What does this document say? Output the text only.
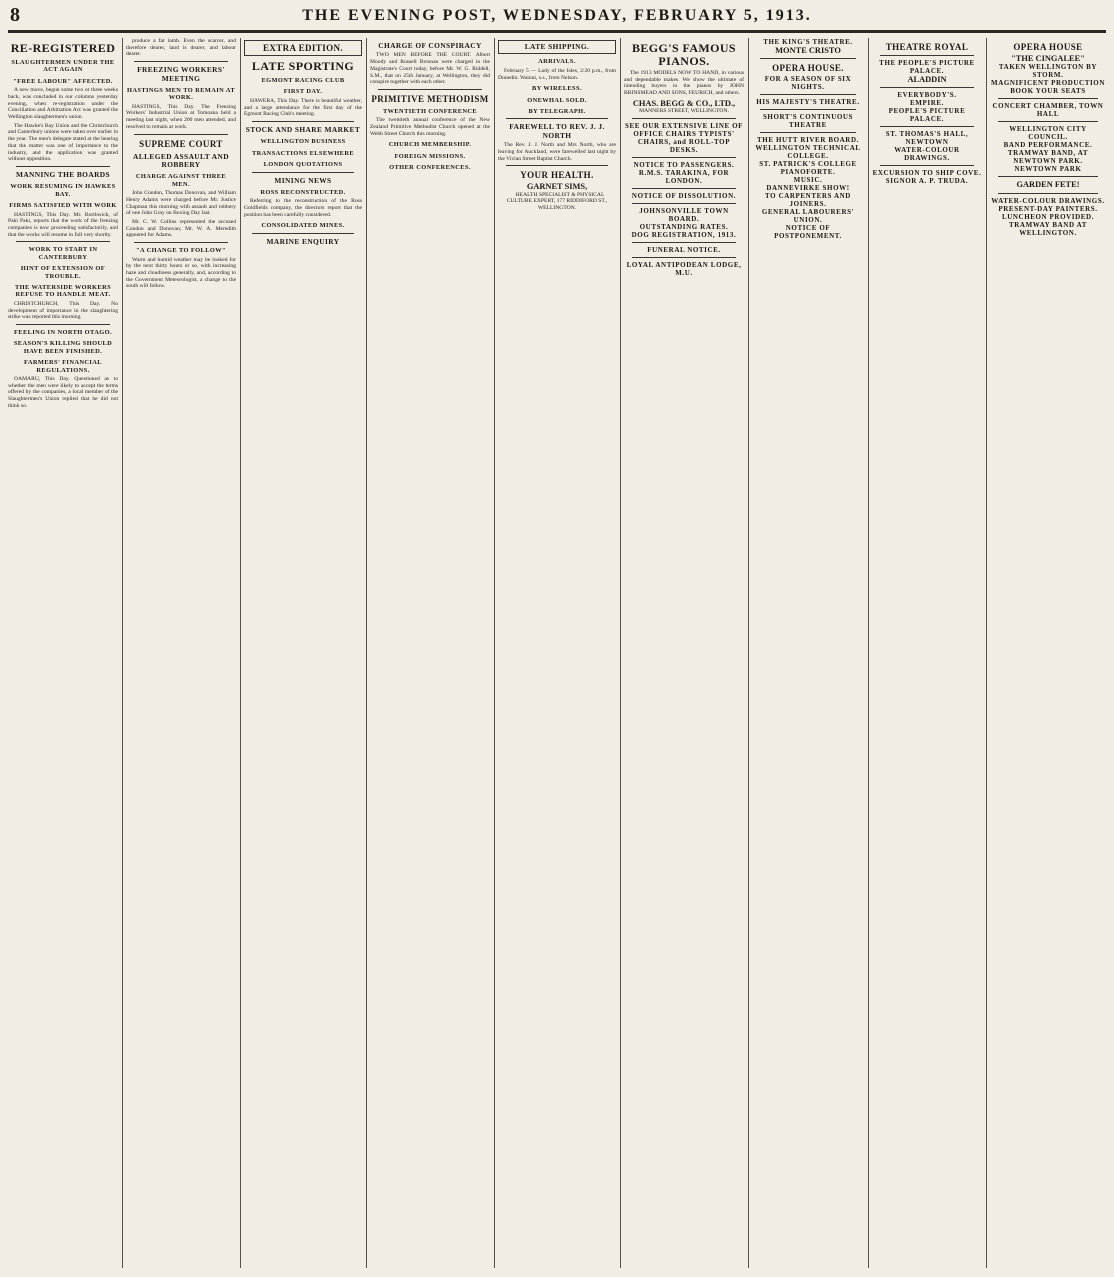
8	THE EVENING POST, WEDNESDAY, FEBRUARY 5, 1913.
RE-REGISTERED
SLAUGHTERMEN UNDER THE ACT AGAIN
"FREE LABOUR" AFFECTED.

A new move, begun some two or three weeks back, was concluded in our columns yesterday evening, when re-registration under the Conciliation and Arbitration Act was granted the Wellington slaughtermen's union.

The Hawke's Bay Union and the Christchurch and Canterbury unions were taken over earlier in the year. The men's delegate stated at the hearing that the matter was one of importance to the industry, and the application was granted without opposition.

MANNING THE BOARDS
WORK RESUMING IN HAWKES BAY.
FIRMS SATISFIED WITH WORK

HASTINGS, This Day. Mr. Borthwick, of Paki Paki, reports that the work of the freezing companies is now proceeding satisfactorily, and that the works will resume in full very shortly.

WORK TO START IN CANTERBURY
HINT OF EXTENSION OF TROUBLE.
THE WATERSIDE WORKERS REFUSE TO HANDLE MEAT.

CHRISTCHURCH, This Day. No development of importance in the slaughtering strike was reported this morning.

FEELING IN NORTH OTAGO.
SEASON'S KILLING SHOULD HAVE BEEN FINISHED.
FARMERS' FINANCIAL REGULATIONS.

OAMARU, This Day. Questioned as to whether the men were likely to accept the terms offered by the companies, a local member of the Slaughtermen's Union replied that he did not think so.

produce a fat lamb. Even the scarcer, and therefore dearer, land is dearer, and labour dearer.

FREEZING WORKERS' MEETING
HASTINGS MEN TO REMAIN AT WORK.

HASTINGS, This Day. The Freezing Workers' Industrial Union at Tomoana held a meeting last night, when 200 men attended, and resolved to remain at work.

SUPREME COURT
ALLEGED ASSAULT AND ROBBERY
CHARGE AGAINST THREE MEN.

John Condon, Thomas Donovan, and William Henry Adams were charged before Mr. Justice Chapman this morning with assault and robbery of one John Gray on Boxing Day last.

Mr. C. W. Collins represented the accused Condon and Donovan; Mr. W. A. Meredith appeared for Adams.

"A CHANGE TO FOLLOW"

Warm and humid weather may be looked for by the next thirty hours or so, with increasing haze and cloudiness generally, and, according to the Government Meteorologist, a change to the south will follow.

EXTRA EDITION.
LATE SPORTING
EGMONT RACING CLUB
FIRST DAY.

HAWERA, This Day. There is beautiful weather, and a large attendance for the first day of the Egmont Racing Club's meeting.

STOCK AND SHARE MARKET
WELLINGTON BUSINESS
TRANSACTIONS ELSEWHERE
LONDON QUOTATIONS
MINING NEWS
ROSS RECONSTRUCTED.

Referring to the reconstruction of the Ross Goldfields company, the directors report that the position has been carefully considered.

CONSOLIDATED MINES.
MARINE ENQUIRY
CHARGE OF CONSPIRACY

TWO MEN BEFORE THE COURT. Albert Moody and Russell Brosnan were charged in the Magistrate's Court today, before Mr. W. G. Riddell, S.M., that on 25th January, at Wellington, they did conspire together with each other.

PRIMITIVE METHODISM
TWENTIETH CONFERENCE

The twentieth annual conference of the New Zealand Primitive Methodist Church opened at the Webb Street Church this morning.

CHURCH MEMBERSHIP.
FOREIGN MISSIONS.
OTHER CONFERENCES.
LATE SHIPPING.
ARRIVALS.

February 5 — Lady of the Isles, 2:20 p.m., from Dunedin. Wainui, s.s., from Nelson.

BY WIRELESS.
ONEWHAL SOLD.
BY TELEGRAPH.
FAREWELL TO REV. J. J. NORTH

The Rev. J. J. North and Mrs North, who are leaving for Auckland, were farewelled last night by the Vivian Street Baptist Church.

YOUR HEALTH.
GARNET SIMS,

HEALTH SPECIALIST & PHYSICAL CULTURE EXPERT, 177 RIDDIFORD ST., WELLINGTON.

BEGG'S FAMOUS PIANOS.

The 1913 MODELS NOW TO HAND, in various and dependable makes. We show the ultimate of intending buyers in the pianos by JOHN BRINSMEAD AND SONS, FEURICH, and others.

CHAS. BEGG & CO., LTD.,
MANNERS STREET, WELLINGTON.
SEE OUR EXTENSIVE LINE OF OFFICE CHAIRS TYPISTS' CHAIRS, and ROLL-TOP DESKS.
NOTICE TO PASSENGERS.
R.M.S. TARAKINA, FOR LONDON.
NOTICE OF DISSOLUTION.
JOHNSONVILLE TOWN BOARD.
OUTSTANDING RATES.
DOG REGISTRATION, 1913.
FUNERAL NOTICE.
LOYAL ANTIPODEAN LODGE, M.U.
THE KING'S THEATRE.
MONTE CRISTO
OPERA HOUSE.
FOR A SEASON OF SIX NIGHTS.
HIS MAJESTY'S THEATRE.
SHORT'S CONTINUOUS THEATRE
THE HUTT RIVER BOARD.
WELLINGTON TECHNICAL COLLEGE.
ST. PATRICK'S COLLEGE
PIANOFORTE.
MUSIC.
DANNEVIRKE SHOW!
TO CARPENTERS AND JOINERS.
GENERAL LABOURERS' UNION.
NOTICE OF POSTPONEMENT.
THEATRE ROYAL
THE PEOPLE'S PICTURE PALACE.
ALADDIN
EVERYBODY'S.
EMPIRE.
PEOPLE'S PICTURE PALACE.
ST. THOMAS'S HALL, NEWTOWN
WATER-COLOUR DRAWINGS.
EXCURSION TO SHIP COVE.
SIGNOR A. P. TRUDA.
OPERA HOUSE
"THE CINGALEE"
TAKEN WELLINGTON BY STORM.
MAGNIFICENT PRODUCTION
BOOK YOUR SEATS
CONCERT CHAMBER, TOWN HALL
WELLINGTON CITY COUNCIL.
BAND PERFORMANCE.
TRAMWAY BAND, AT NEWTOWN PARK.
NEWTOWN PARK
GARDEN FETE!
WATER-COLOUR DRAWINGS.
PRESENT-DAY PAINTERS.
LUNCHEON PROVIDED.
TRAMWAY BAND AT WELLINGTON.
